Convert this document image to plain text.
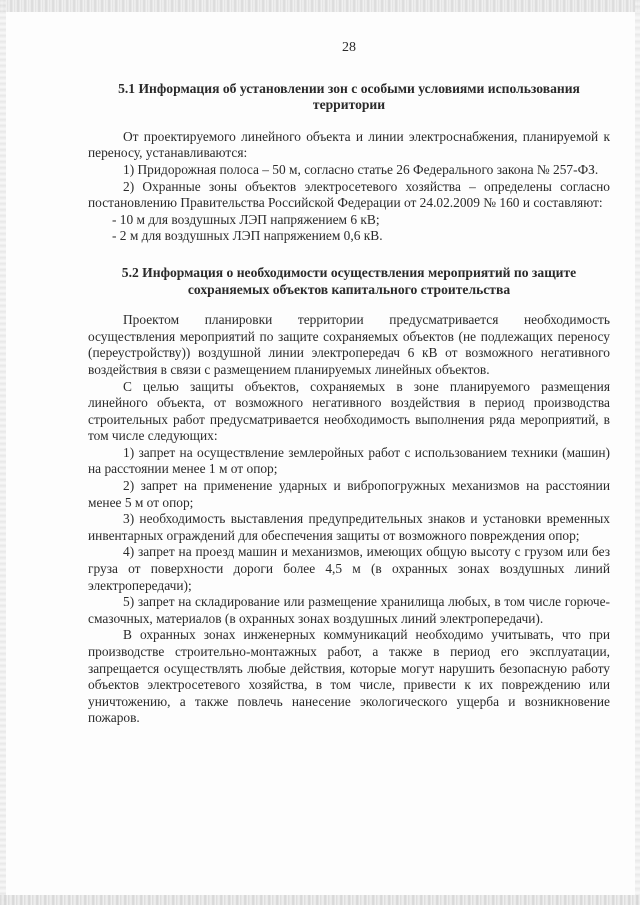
28
5.1 Информация об установлении зон с особыми условиями использования территории

От проектируемого линейного объекта и линии электроснабжения, планируемой к переносу, устанавливаются:

1) Придорожная полоса – 50 м, согласно статье 26 Федерального закона № 257-ФЗ.

2) Охранные зоны объектов электросетевого хозяйства – определены согласно постановлению Правительства Российской Федерации от 24.02.2009 № 160 и составляют:

- 10 м для воздушных ЛЭП напряжением 6 кВ;

- 2 м для воздушных ЛЭП напряжением 0,6 кВ.

5.2 Информация о необходимости осуществления мероприятий по защите сохраняемых объектов капитального строительства

Проектом планировки территории предусматривается необходимость осуществления мероприятий по защите сохраняемых объектов (не подлежащих переносу (переустройству)) воздушной линии электропередач 6 кВ от возможного негативного воздействия в связи с размещением планируемых линейных объектов.

С целью защиты объектов, сохраняемых в зоне планируемого размещения линейного объекта, от возможного негативного воздействия в период производства строительных работ предусматривается необходимость выполнения ряда мероприятий, в том числе следующих:

1) запрет на осуществление землеройных работ с использованием техники (машин) на расстоянии менее 1 м от опор;

2) запрет на применение ударных и вибропогружных механизмов на расстоянии менее 5 м от опор;

3) необходимость выставления предупредительных знаков и установки временных инвентарных ограждений для обеспечения защиты от возможного повреждения опор;

4) запрет на проезд машин и механизмов, имеющих общую высоту с грузом или без груза от поверхности дороги более 4,5 м (в охранных зонах воздушных линий электропередачи);

5) запрет на складирование или размещение хранилища любых, в том числе горюче-смазочных, материалов (в охранных зонах воздушных линий электропередачи).

В охранных зонах инженерных коммуникаций необходимо учитывать, что при производстве строительно-монтажных работ, а также в период его эксплуатации, запрещается осуществлять любые действия, которые могут нарушить безопасную работу объектов электросетевого хозяйства, в том числе, привести к их повреждению или уничтожению, а также повлечь нанесение экологического ущерба и возникновение пожаров.
